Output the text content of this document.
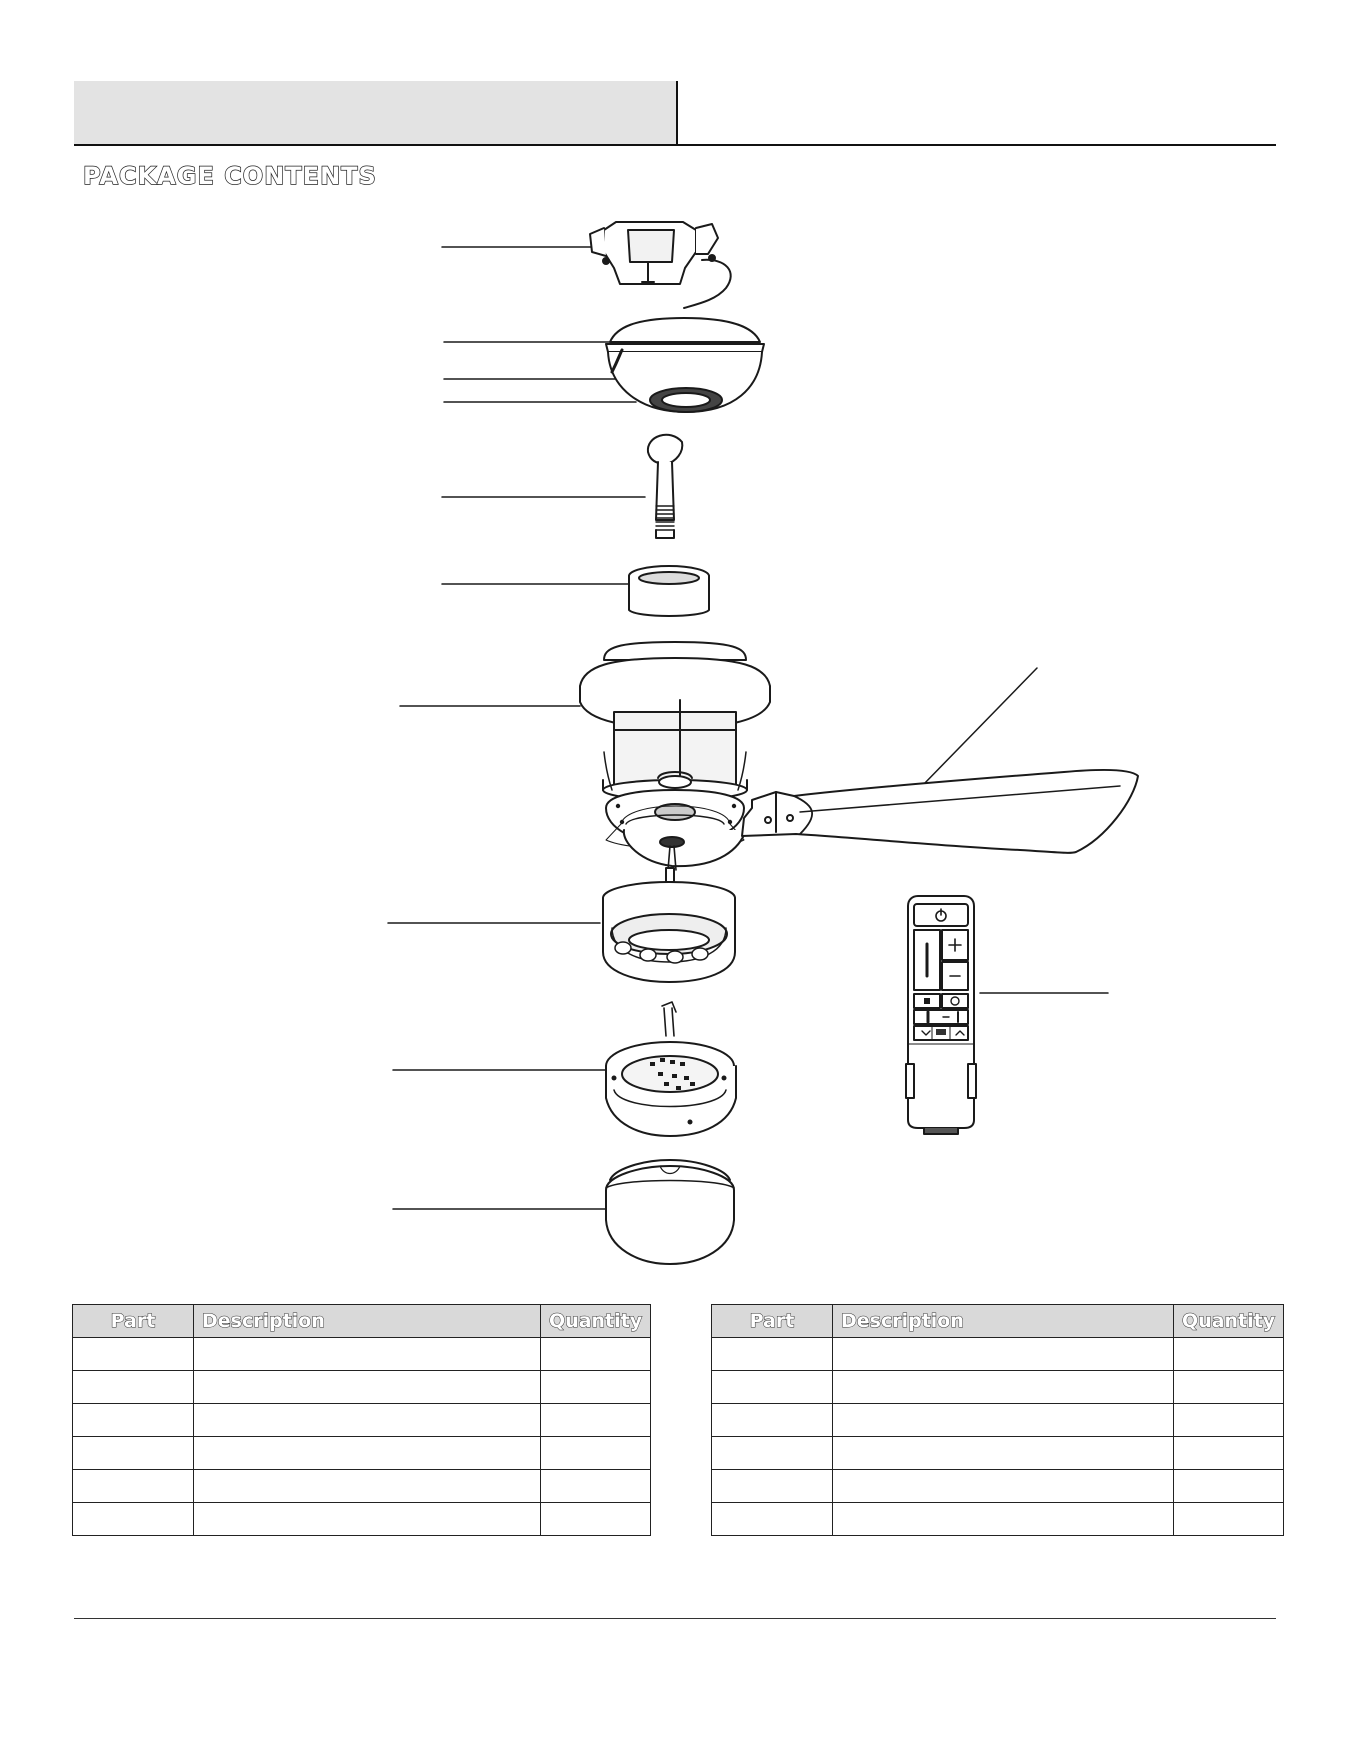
PACKAGE CONTENTS
Part	Description	Quantity

			Part	Description	Quantity
